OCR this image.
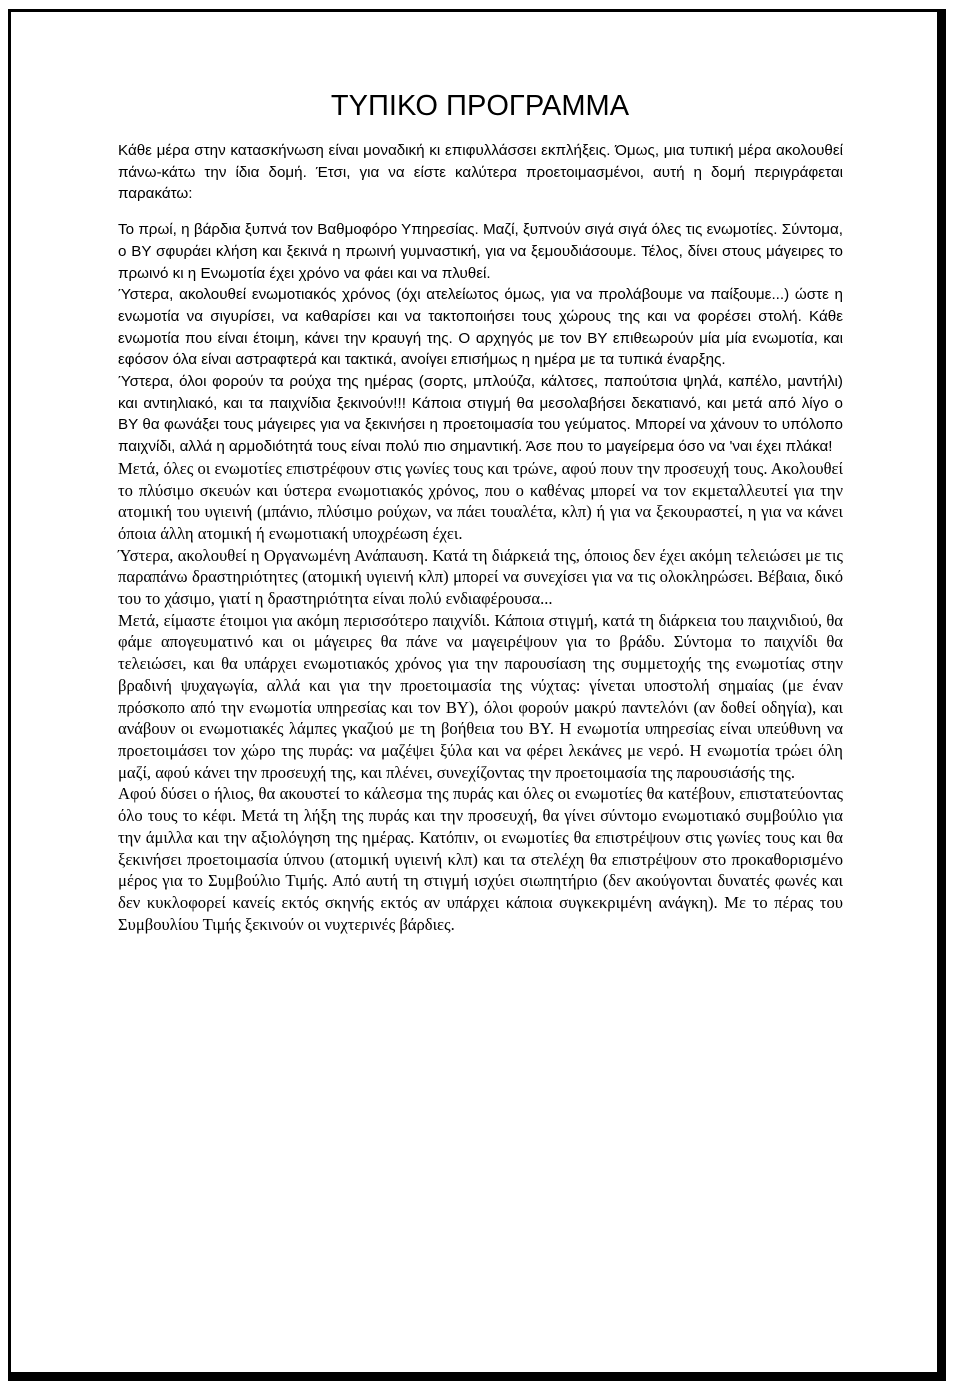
ΤΥΠΙΚΟ ΠΡΟΓΡΑΜΜΑ

Κάθε μέρα στην κατασκήνωση είναι μοναδική κι επιφυλλάσσει εκπλήξεις. Όμως, μια τυπική μέρα ακολουθεί πάνω-κάτω την ίδια δομή. Έτσι, για να είστε καλύτερα προετοιμασμένοι, αυτή η δομή περιγράφεται παρακάτω:

Το πρωί, η βάρδια ξυπνά τον Βαθμοφόρο Υπηρεσίας. Μαζί, ξυπνούν σιγά σιγά όλες τις ενωμοτίες. Σύντομα, ο ΒΥ σφυράει κλήση και ξεκινά η πρωινή γυμναστική, για να ξεμουδιάσουμε. Τέλος, δίνει στους μάγειρες το πρωινό κι η Ενωμοτία έχει χρόνο να φάει και να πλυθεί.

Ύστερα, ακολουθεί ενωμοτιακός χρόνος (όχι ατελείωτος όμως, για να προλάβουμε να παίξουμε...) ώστε η ενωμοτία να σιγυρίσει, να καθαρίσει και να τακτοποιήσει τους χώρους της και να φορέσει στολή. Κάθε ενωμοτία που είναι έτοιμη, κάνει την κραυγή της. Ο αρχηγός με τον ΒΥ επιθεωρούν μία μία ενωμοτία, και εφόσον όλα είναι αστραφτερά και τακτικά, ανοίγει επισήμως η ημέρα με τα τυπικά έναρξης.

Ύστερα, όλοι φορούν τα ρούχα της ημέρας (σορτς, μπλούζα, κάλτσες, παπούτσια ψηλά, καπέλο, μαντήλι) και αντιηλιακό, και τα παιχνίδια ξεκινούν!!! Κάποια στιγμή θα μεσολαβήσει δεκατιανό, και μετά από λίγο ο ΒΥ θα φωνάξει τους μάγειρες για να ξεκινήσει η προετοιμασία του γεύματος. Μπορεί να χάνουν το υπόλοπο παιχνίδι, αλλά η αρμοδιότητά τους είναι πολύ πιο σημαντική. Άσε που το μαγείρεμα όσο να 'ναι έχει πλάκα!

Μετά, όλες οι ενωμοτίες επιστρέφουν στις γωνίες τους και τρώνε, αφού πουν την προσευχή τους. Ακολουθεί το πλύσιμο σκευών και ύστερα ενωμοτιακός χρόνος, που ο καθένας μπορεί να τον εκμεταλλευτεί για την ατομική του υγιεινή (μπάνιο, πλύσιμο ρούχων, να πάει τουαλέτα, κλπ) ή για να ξεκουραστεί, η για να κάνει όποια άλλη ατομική ή ενωμοτιακή υποχρέωση έχει.

Ύστερα, ακολουθεί η Οργανωμένη Ανάπαυση. Κατά τη διάρκειά της, όποιος δεν έχει ακόμη τελειώσει με τις παραπάνω δραστηριότητες (ατομική υγιεινή κλπ) μπορεί να συνεχίσει για να τις ολοκληρώσει. Βέβαια, δικό του το χάσιμο, γιατί η δραστηριότητα είναι πολύ ενδιαφέρουσα...

Μετά, είμαστε έτοιμοι για ακόμη περισσότερο παιχνίδι. Κάποια στιγμή, κατά τη διάρκεια του παιχνιδιού, θα φάμε απογευματινό και οι μάγειρες θα πάνε να μαγειρέψουν για το βράδυ. Σύντομα το παιχνίδι θα τελειώσει, και θα υπάρχει ενωμοτιακός χρόνος για την παρουσίαση της συμμετοχής της ενωμοτίας στην βραδινή ψυχαγωγία, αλλά και για την προετοιμασία της νύχτας: γίνεται υποστολή σημαίας (με έναν πρόσκοπο από την ενωμοτία υπηρεσίας και τον ΒΥ), όλοι φορούν μακρύ παντελόνι (αν δοθεί οδηγία), και ανάβουν οι ενωμοτιακές λάμπες γκαζιού με τη βοήθεια του ΒΥ. Η ενωμοτία υπηρεσίας είναι υπεύθυνη να προετοιμάσει τον χώρο της πυράς: να μαζέψει ξύλα και να φέρει λεκάνες με νερό. Η ενωμοτία τρώει όλη μαζί, αφού κάνει την προσευχή της, και πλένει, συνεχίζοντας την προετοιμασία της παρουσιάσής της.

Αφού δύσει ο ήλιος, θα ακουστεί το κάλεσμα της πυράς και όλες οι ενωμοτίες θα κατέβουν, επιστατεύοντας όλο τους το κέφι. Μετά τη λήξη της πυράς και την προσευχή, θα γίνει σύντομο ενωμοτιακό συμβούλιο για την άμιλλα και την αξιολόγηση της ημέρας. Κατόπιν, οι ενωμοτίες θα επιστρέψουν στις γωνίες τους και θα ξεκινήσει προετοιμασία ύπνου (ατομική υγιεινή κλπ) και τα στελέχη θα επιστρέψουν στο προκαθορισμένο μέρος για το Συμβούλιο Τιμής. Από αυτή τη στιγμή ισχύει σιωπητήριο (δεν ακούγονται δυνατές φωνές και δεν κυκλοφορεί κανείς εκτός σκηνής εκτός αν υπάρχει κάποια συγκεκριμένη ανάγκη). Με το πέρας του Συμβουλίου Τιμής ξεκινούν οι νυχτερινές βάρδιες.
